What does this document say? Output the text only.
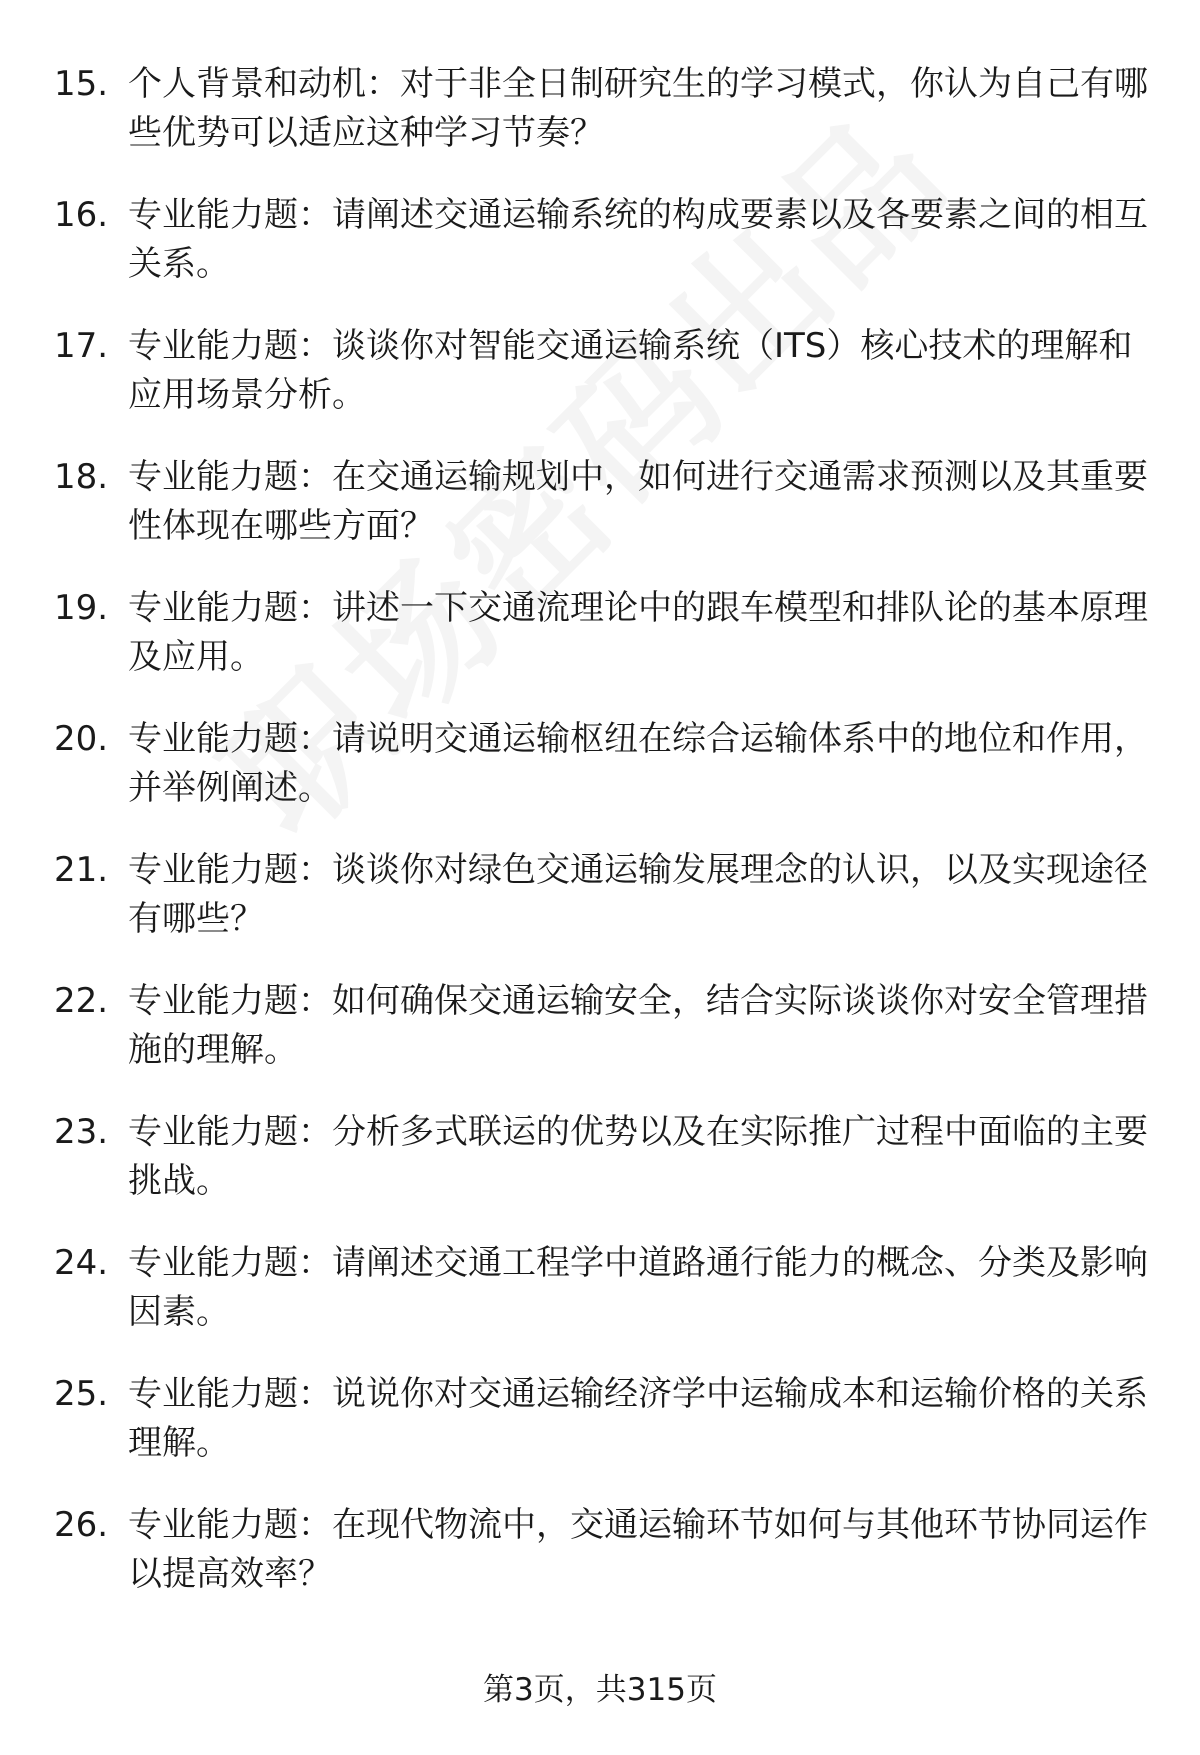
15. 个人背景和动机：对于非全日制研究生的学习模式，你认为自己有哪些优势可以适应这种学习节奏？
16. 专业能力题：请阐述交通运输系统的构成要素以及各要素之间的相互关系。
17. 专业能力题：谈谈你对智能交通运输系统（ITS）核心技术的理解和应用场景分析。
18. 专业能力题：在交通运输规划中，如何进行交通需求预测以及其重要性体现在哪些方面？
19. 专业能力题：讲述一下交通流理论中的跟车模型和排队论的基本原理及应用。
20. 专业能力题：请说明交通运输枢纽在综合运输体系中的地位和作用，并举例阐述。
21. 专业能力题：谈谈你对绿色交通运输发展理念的认识，以及实现途径有哪些？
22. 专业能力题：如何确保交通运输安全，结合实际谈谈你对安全管理措施的理解。
23. 专业能力题：分析多式联运的优势以及在实际推广过程中面临的主要挑战。
24. 专业能力题：请阐述交通工程学中道路通行能力的概念、分类及影响因素。
25. 专业能力题：说说你对交通运输经济学中运输成本和运输价格的关系理解。
26. 专业能力题：在现代物流中，交通运输环节如何与其他环节协同运作以提高效率？
第3页，共315页
